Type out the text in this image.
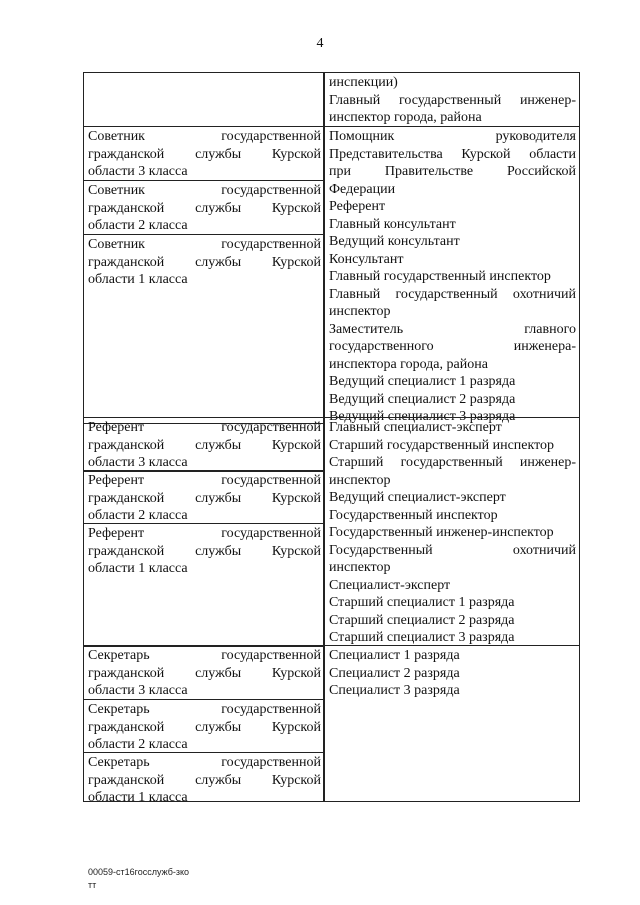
4
Советник государственной
гражданской службы Курской
области 3 класса
Советник государственной
гражданской службы Курской
области 2 класса
Советник государственной
гражданской службы Курской
области 1 класса
Референт государственной
гражданской службы Курской
области 3 класса
Референт государственной
гражданской службы Курской
области 2 класса
Референт государственной
гражданской службы Курской
области 1 класса
Секретарь государственной
гражданской службы Курской
области 3 класса
Секретарь государственной
гражданской службы Курской
области 2 класса
Секретарь государственной
гражданской службы Курской
области 1 класса
инспекции)
Главный государственный инженер-
инспектор города, района
Помощник руководителя
Представительства Курской области
при Правительстве Российской
Федерации
Референт
Главный консультант
Ведущий консультант
Консультант
Главный государственный инспектор
Главный государственный охотничий
инспектор
Заместитель главного
государственного инженера-
инспектора города, района
Ведущий специалист 1 разряда
Ведущий специалист 2 разряда
Ведущий специалист 3 разряда
Главный специалист-эксперт
Старший государственный инспектор
Старший государственный инженер-
инспектор
Ведущий специалист-эксперт
Государственный инспектор
Государственный инженер-инспектор
Государственный охотничий
инспектор
Специалист-эксперт
Старший специалист 1 разряда
Старший специалист 2 разряда
Старший специалист 3 разряда
Специалист 1 разряда
Специалист 2 разряда
Специалист 3 разряда
00059-ст16госслужб-зко
тт
